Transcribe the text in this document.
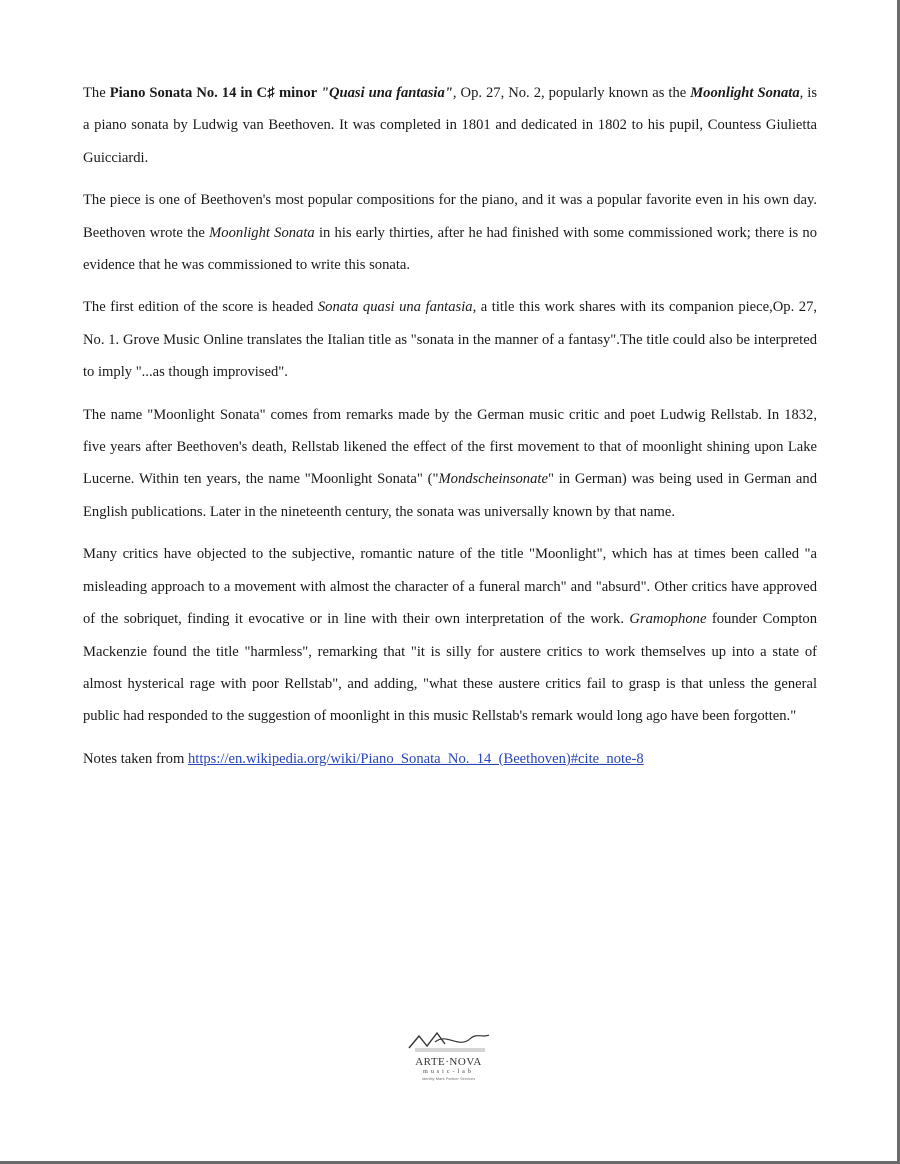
The Piano Sonata No. 14 in C♯ minor "Quasi una fantasia", Op. 27, No. 2, popularly known as the Moonlight Sonata, is a piano sonata by Ludwig van Beethoven. It was completed in 1801 and dedicated in 1802 to his pupil, Countess Giulietta Guicciardi.

The piece is one of Beethoven's most popular compositions for the piano, and it was a popular favorite even in his own day. Beethoven wrote the Moonlight Sonata in his early thirties, after he had finished with some commissioned work; there is no evidence that he was commissioned to write this sonata.

The first edition of the score is headed Sonata quasi una fantasia, a title this work shares with its companion piece,Op. 27, No. 1. Grove Music Online translates the Italian title as "sonata in the manner of a fantasy".The title could also be interpreted to imply "...as though improvised".

The name "Moonlight Sonata" comes from remarks made by the German music critic and poet Ludwig Rellstab. In 1832, five years after Beethoven's death, Rellstab likened the effect of the first movement to that of moonlight shining upon Lake Lucerne. Within ten years, the name "Moonlight Sonata" ("Mondscheinsonate" in German) was being used in German and English publications. Later in the nineteenth century, the sonata was universally known by that name.

Many critics have objected to the subjective, romantic nature of the title "Moonlight", which has at times been called "a misleading approach to a movement with almost the character of a funeral march" and "absurd". Other critics have approved of the sobriquet, finding it evocative or in line with their own interpretation of the work. Gramophone founder Compton Mackenzie found the title "harmless", remarking that "it is silly for austere critics to work themselves up into a state of almost hysterical rage with poor Rellstab", and adding, "what these austere critics fail to grasp is that unless the general public had responded to the suggestion of moonlight in this music Rellstab's remark would long ago have been forgotten."

Notes taken from https://en.wikipedia.org/wiki/Piano_Sonata_No._14_(Beethoven)#cite_note-8

ARTE·NOVA
music-lab
Identity Mark Partner Services
